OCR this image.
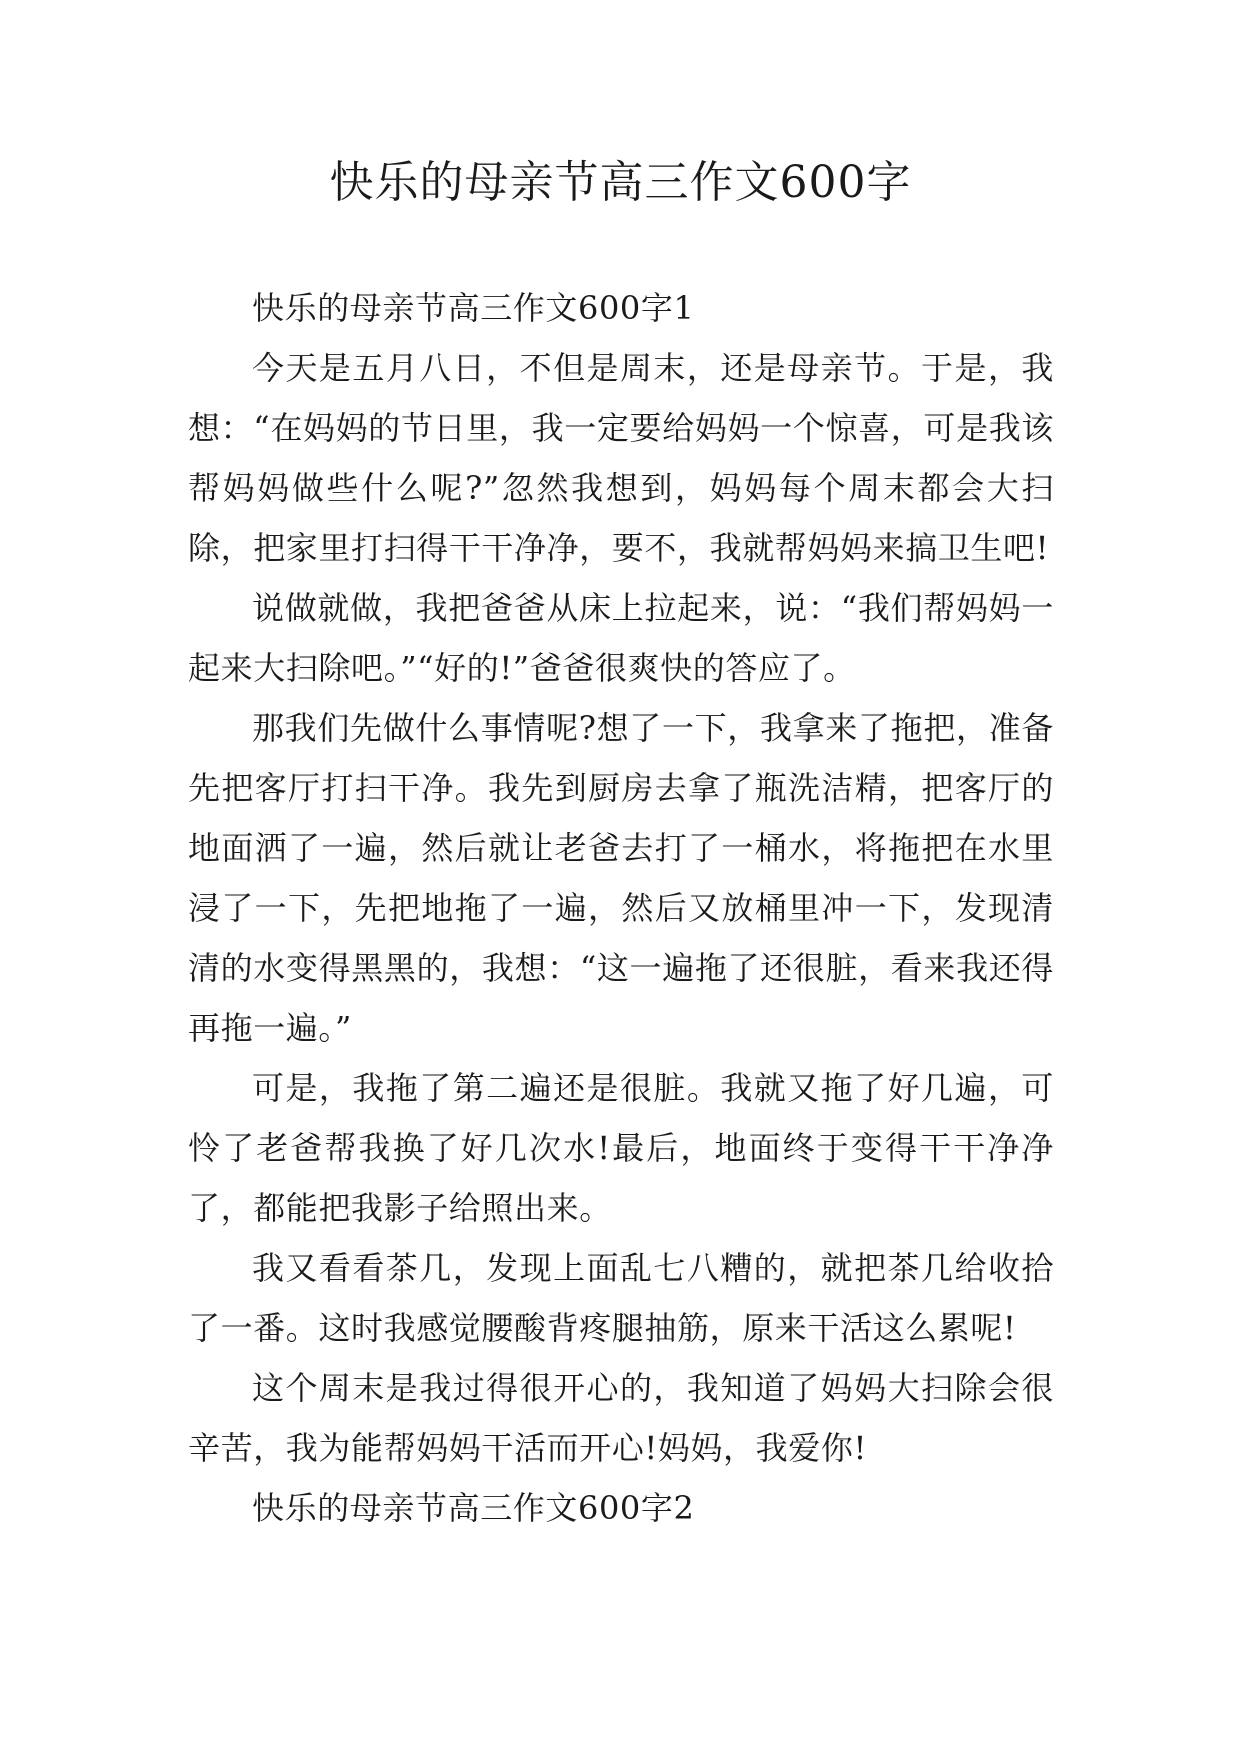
快乐的母亲节高三作文600字

快乐的母亲节高三作文600字1

今天是五月八日，不但是周末，还是母亲节。于是，我想：“在妈妈的节日里，我一定要给妈妈一个惊喜，可是我该帮妈妈做些什么呢?”忽然我想到，妈妈每个周末都会大扫除，把家里打扫得干干净净，要不，我就帮妈妈来搞卫生吧!

说做就做，我把爸爸从床上拉起来，说：“我们帮妈妈一起来大扫除吧。”“好的!”爸爸很爽快的答应了。

那我们先做什么事情呢?想了一下，我拿来了拖把，准备先把客厅打扫干净。我先到厨房去拿了瓶洗洁精，把客厅的地面洒了一遍，然后就让老爸去打了一桶水，将拖把在水里浸了一下，先把地拖了一遍，然后又放桶里冲一下，发现清清的水变得黑黑的，我想：“这一遍拖了还很脏，看来我还得再拖一遍。”

可是，我拖了第二遍还是很脏。我就又拖了好几遍，可怜了老爸帮我换了好几次水!最后，地面终于变得干干净净了，都能把我影子给照出来。

我又看看茶几，发现上面乱七八糟的，就把茶几给收拾了一番。这时我感觉腰酸背疼腿抽筋，原来干活这么累呢!

这个周末是我过得很开心的，我知道了妈妈大扫除会很辛苦，我为能帮妈妈干活而开心!妈妈，我爱你!

快乐的母亲节高三作文600字2
